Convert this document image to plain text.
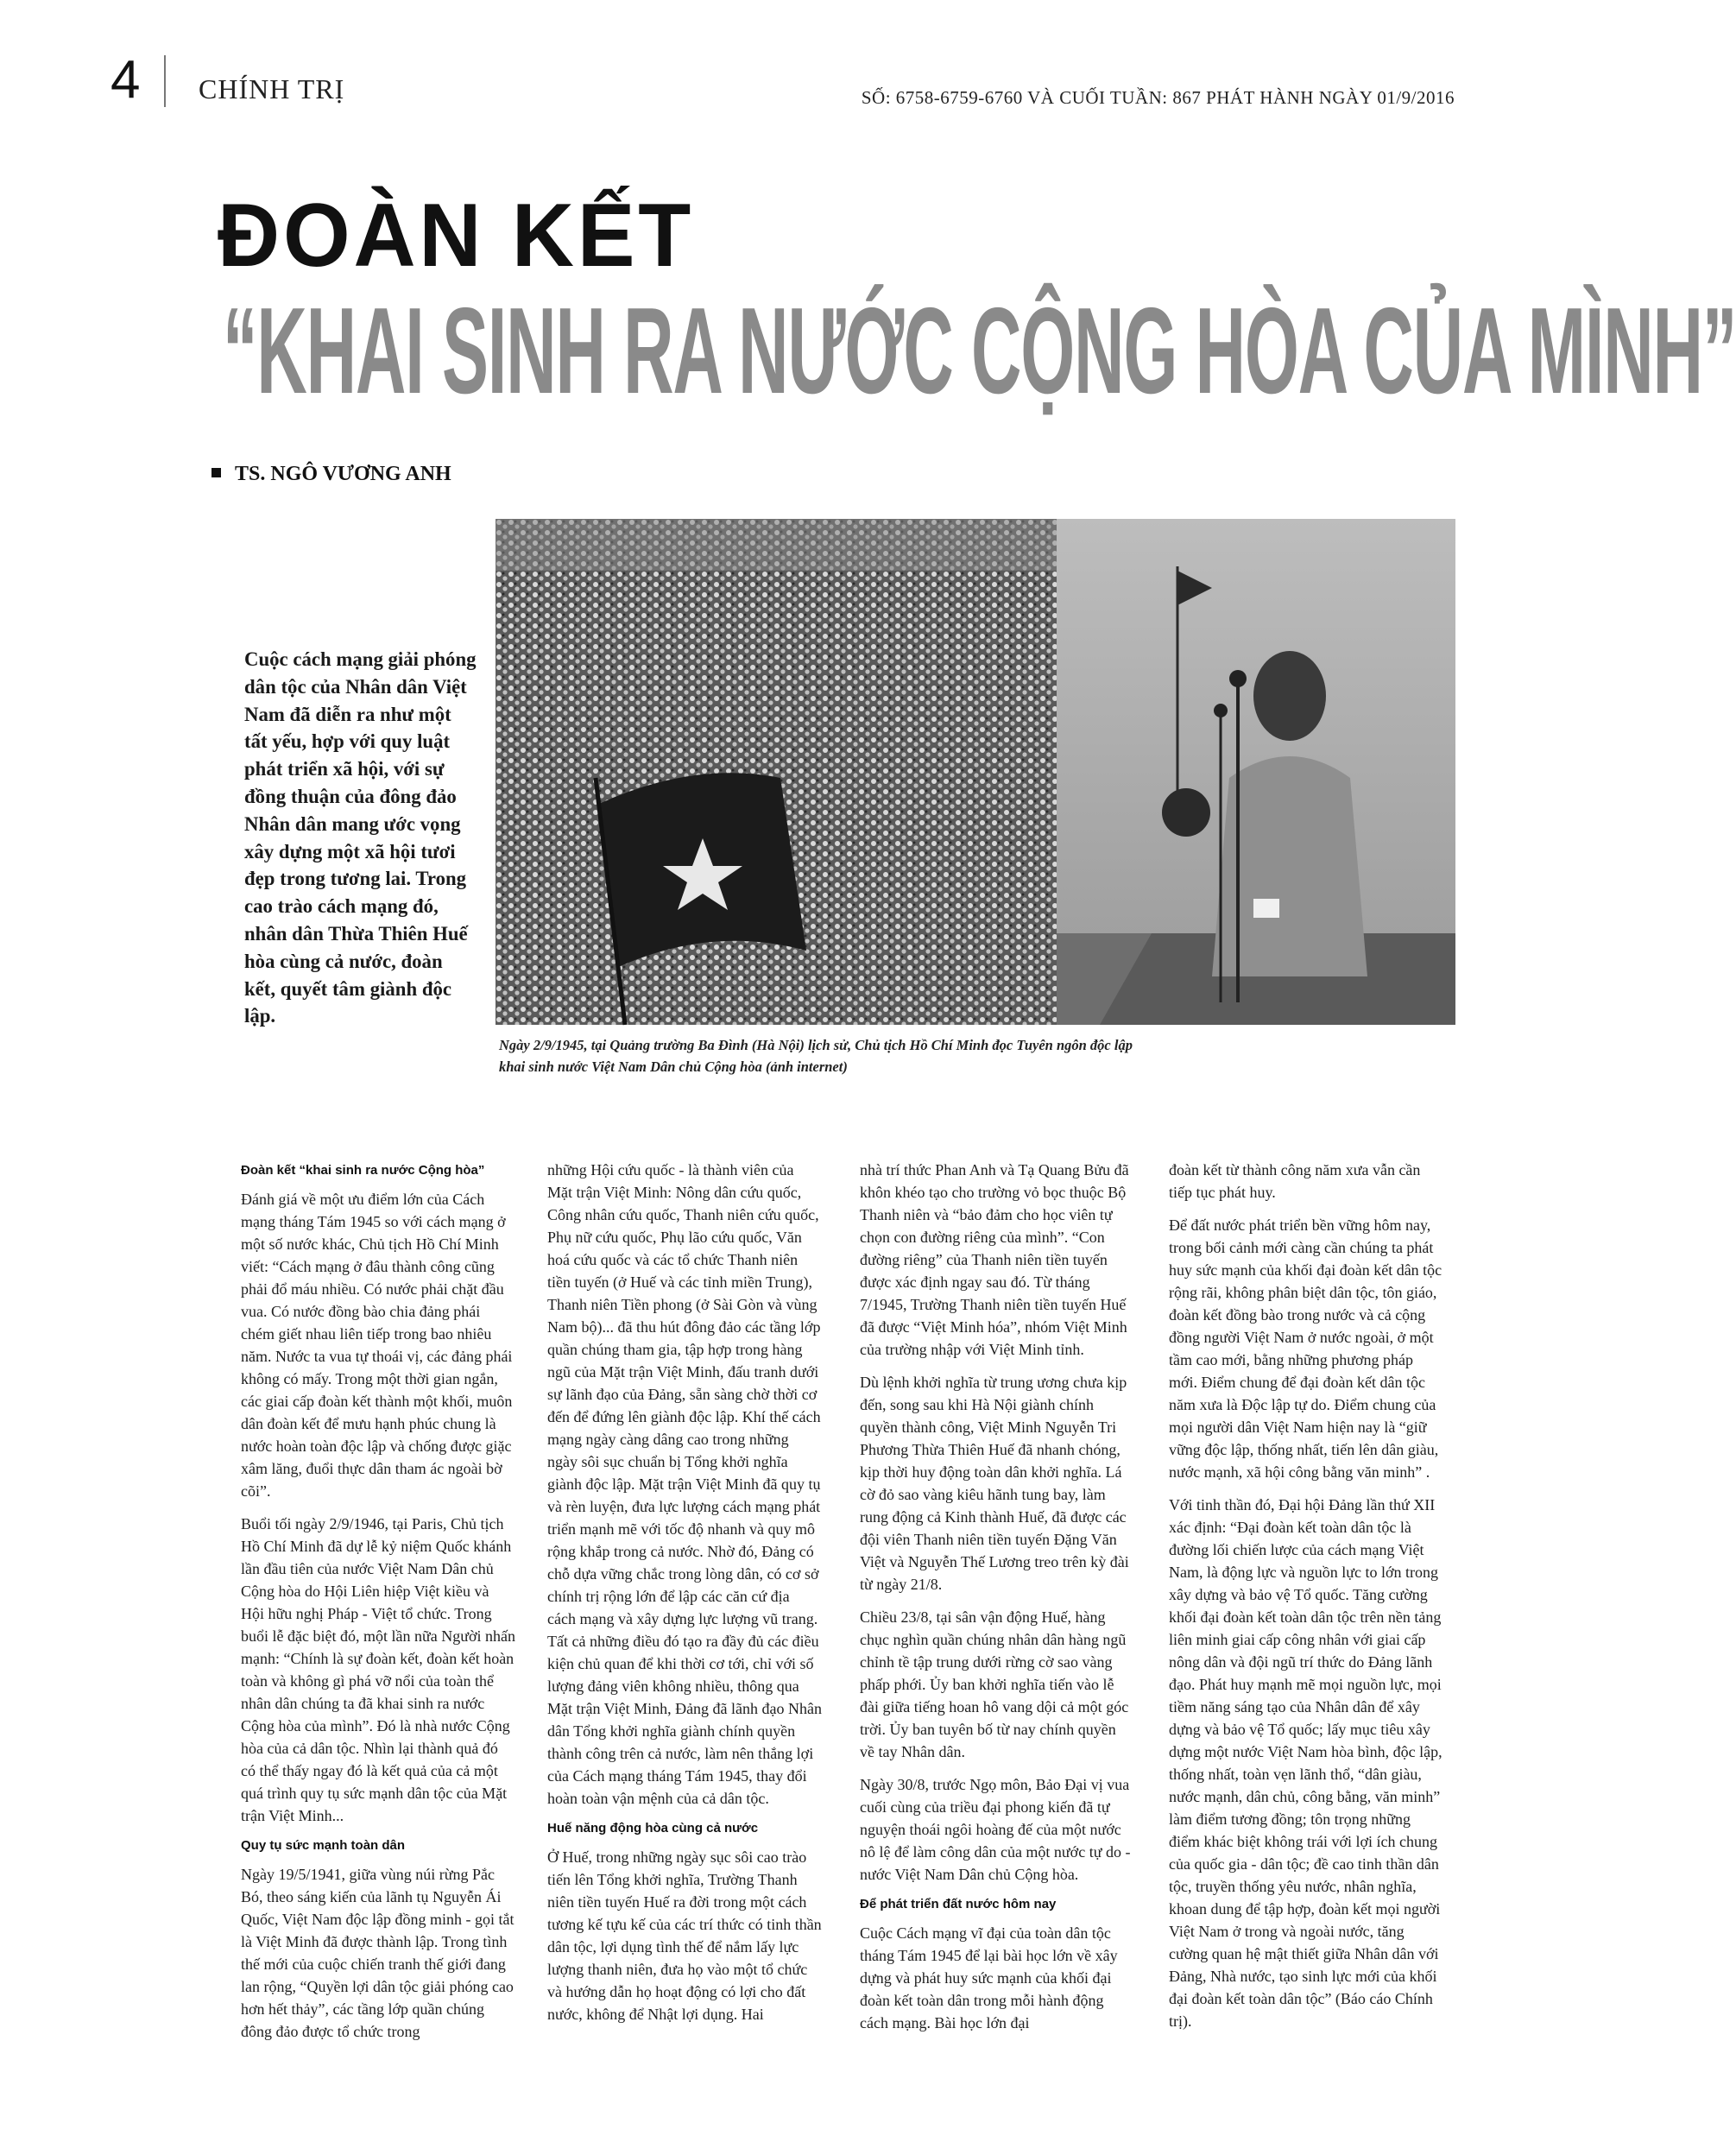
4 CHÍNH TRỊ	SỐ: 6758-6759-6760 VÀ CUỐI TUẦN: 867 PHÁT HÀNH NGÀY 01/9/2016
ĐOÀN KẾT
“KHAI SINH RA NƯỚC CỘNG HÒA CỦA MÌNH”
TS. NGÔ VƯƠNG ANH
Ngày 2/9/1945, tại Quảng trường Ba Đình (Hà Nội) lịch sử, Chủ tịch Hồ Chí Minh đọc Tuyên ngôn độc lập
khai sinh nước Việt Nam Dân chủ Cộng hòa (ảnh internet)
Cuộc cách mạng giải phóng dân tộc của Nhân dân Việt Nam đã diễn ra như một tất yếu, hợp với quy luật phát triển xã hội, với sự đồng thuận của đông đảo Nhân dân mang ước vọng xây dựng một xã hội tươi đẹp trong tương lai. Trong cao trào cách mạng đó, nhân dân Thừa Thiên Huế hòa cùng cả nước, đoàn kết, quyết tâm giành độc lập.
Đoàn kết “khai sinh ra nước Cộng hòa”

Đánh giá về một ưu điểm lớn của Cách mạng tháng Tám 1945 so với cách mạng ở một số nước khác, Chủ tịch Hồ Chí Minh viết: “Cách mạng ở đâu thành công cũng phải đổ máu nhiều. Có nước phải chặt đầu vua. Có nước đồng bào chia đảng phái chém giết nhau liên tiếp trong bao nhiêu năm. Nước ta vua tự thoái vị, các đảng phái không có mấy. Trong một thời gian ngắn, các giai cấp đoàn kết thành một khối, muôn dân đoàn kết để mưu hạnh phúc chung là nước hoàn toàn độc lập và chống được giặc xâm lăng, đuổi thực dân tham ác ngoài bờ cõi”.

Buổi tối ngày 2/9/1946, tại Paris, Chủ tịch Hồ Chí Minh đã dự lễ kỷ niệm Quốc khánh lần đầu tiên của nước Việt Nam Dân chủ Cộng hòa do Hội Liên hiệp Việt kiều và Hội hữu nghị Pháp - Việt tổ chức. Trong buổi lễ đặc biệt đó, một lần nữa Người nhấn mạnh: “Chính là sự đoàn kết, đoàn kết hoàn toàn và không gì phá vỡ nổi của toàn thể nhân dân chúng ta đã khai sinh ra nước Cộng hòa của mình”. Đó là nhà nước Cộng hòa của cả dân tộc. Nhìn lại thành quả đó có thể thấy ngay đó là kết quả của cả một quá trình quy tụ sức mạnh dân tộc của Mặt trận Việt Minh...

Quy tụ sức mạnh toàn dân

Ngày 19/5/1941, giữa vùng núi rừng Pắc Bó, theo sáng kiến của lãnh tụ Nguyễn Ái Quốc, Việt Nam độc lập đồng minh - gọi tắt là Việt Minh đã được thành lập. Trong tình thế mới của cuộc chiến tranh thế giới đang lan rộng, “Quyền lợi dân tộc giải phóng cao hơn hết thảy”, các tầng lớp quần chúng đông đảo được tổ chức trong

những Hội cứu quốc - là thành viên của Mặt trận Việt Minh: Nông dân cứu quốc, Công nhân cứu quốc, Thanh niên cứu quốc, Phụ nữ cứu quốc, Phụ lão cứu quốc, Văn hoá cứu quốc và các tổ chức Thanh niên tiền tuyến (ở Huế và các tỉnh miền Trung), Thanh niên Tiền phong (ở Sài Gòn và vùng Nam bộ)... đã thu hút đông đảo các tầng lớp quần chúng tham gia, tập hợp trong hàng ngũ của Mặt trận Việt Minh, đấu tranh dưới sự lãnh đạo của Đảng, sẵn sàng chờ thời cơ đến để đứng lên giành độc lập. Khí thế cách mạng ngày càng dâng cao trong những ngày sôi sục chuẩn bị Tổng khởi nghĩa giành độc lập. Mặt trận Việt Minh đã quy tụ và rèn luyện, đưa lực lượng cách mạng phát triển mạnh mẽ với tốc độ nhanh và quy mô rộng khắp trong cả nước. Nhờ đó, Đảng có chỗ dựa vững chắc trong lòng dân, có cơ sở chính trị rộng lớn để lập các căn cứ địa cách mạng và xây dựng lực lượng vũ trang. Tất cả những điều đó tạo ra đầy đủ các điều kiện chủ quan để khi thời cơ tới, chỉ với số lượng đảng viên không nhiều, thông qua Mặt trận Việt Minh, Đảng đã lãnh đạo Nhân dân Tổng khởi nghĩa giành chính quyền thành công trên cả nước, làm nên thắng lợi của Cách mạng tháng Tám 1945, thay đổi hoàn toàn vận mệnh của cả dân tộc.

Huế năng động hòa cùng cả nước

Ở Huế, trong những ngày sục sôi cao trào tiến lên Tổng khởi nghĩa, Trường Thanh niên tiền tuyến Huế ra đời trong một cách tương kế tựu kế của các trí thức có tinh thần dân tộc, lợi dụng tình thế để nắm lấy lực lượng thanh niên, đưa họ vào một tổ chức và hướng dẫn họ hoạt động có lợi cho đất nước, không để Nhật lợi dụng. Hai

nhà trí thức Phan Anh và Tạ Quang Bửu đã khôn khéo tạo cho trường vỏ bọc thuộc Bộ Thanh niên và “bảo đảm cho học viên tự chọn con đường riêng của mình”. “Con đường riêng” của Thanh niên tiền tuyến được xác định ngay sau đó. Từ tháng 7/1945, Trường Thanh niên tiền tuyến Huế đã được “Việt Minh hóa”, nhóm Việt Minh của trường nhập với Việt Minh tỉnh.

Dù lệnh khởi nghĩa từ trung ương chưa kịp đến, song sau khi Hà Nội giành chính quyền thành công, Việt Minh Nguyễn Tri Phương Thừa Thiên Huế đã nhanh chóng, kịp thời huy động toàn dân khởi nghĩa. Lá cờ đỏ sao vàng kiêu hãnh tung bay, làm rung động cả Kinh thành Huế, đã được các đội viên Thanh niên tiền tuyến Đặng Văn Việt và Nguyễn Thế Lương treo trên kỳ đài từ ngày 21/8.

Chiều 23/8, tại sân vận động Huế, hàng chục nghìn quần chúng nhân dân hàng ngũ chỉnh tề tập trung dưới rừng cờ sao vàng phấp phới. Ủy ban khởi nghĩa tiến vào lễ đài giữa tiếng hoan hô vang dội cả một góc trời. Ủy ban tuyên bố từ nay chính quyền về tay Nhân dân.

Ngày 30/8, trước Ngọ môn, Bảo Đại vị vua cuối cùng của triều đại phong kiến đã tự nguyện thoái ngôi hoàng đế của một nước nô lệ để làm công dân của một nước tự do - nước Việt Nam Dân chủ Cộng hòa.

Để phát triển đất nước hôm nay

Cuộc Cách mạng vĩ đại của toàn dân tộc tháng Tám 1945 để lại bài học lớn về xây dựng và phát huy sức mạnh của khối đại đoàn kết toàn dân trong mỗi hành động cách mạng. Bài học lớn đại

đoàn kết từ thành công năm xưa vẫn cần tiếp tục phát huy.

Để đất nước phát triển bền vững hôm nay, trong bối cảnh mới càng cần chúng ta phát huy sức mạnh của khối đại đoàn kết dân tộc rộng rãi, không phân biệt dân tộc, tôn giáo, đoàn kết đồng bào trong nước và cả cộng đồng người Việt Nam ở nước ngoài, ở một tầm cao mới, bằng những phương pháp mới. Điểm chung để đại đoàn kết dân tộc năm xưa là Độc lập tự do. Điểm chung của mọi người dân Việt Nam hiện nay là “giữ vững độc lập, thống nhất, tiến lên dân giàu, nước mạnh, xã hội công bằng văn minh” .

Với tinh thần đó, Đại hội Đảng lần thứ XII xác định: “Đại đoàn kết toàn dân tộc là đường lối chiến lược của cách mạng Việt Nam, là động lực và nguồn lực to lớn trong xây dựng và bảo vệ Tổ quốc. Tăng cường khối đại đoàn kết toàn dân tộc trên nền tảng liên minh giai cấp công nhân với giai cấp nông dân và đội ngũ trí thức do Đảng lãnh đạo. Phát huy mạnh mẽ mọi nguồn lực, mọi tiềm năng sáng tạo của Nhân dân để xây dựng và bảo vệ Tổ quốc; lấy mục tiêu xây dựng một nước Việt Nam hòa bình, độc lập, thống nhất, toàn vẹn lãnh thổ, “dân giàu, nước mạnh, dân chủ, công bằng, văn minh” làm điểm tương đồng; tôn trọng những điểm khác biệt không trái với lợi ích chung của quốc gia - dân tộc; đề cao tinh thần dân tộc, truyền thống yêu nước, nhân nghĩa, khoan dung để tập hợp, đoàn kết mọi người Việt Nam ở trong và ngoài nước, tăng cường quan hệ mật thiết giữa Nhân dân với Đảng, Nhà nước, tạo sinh lực mới của khối đại đoàn kết toàn dân tộc” (Báo cáo Chính trị).
